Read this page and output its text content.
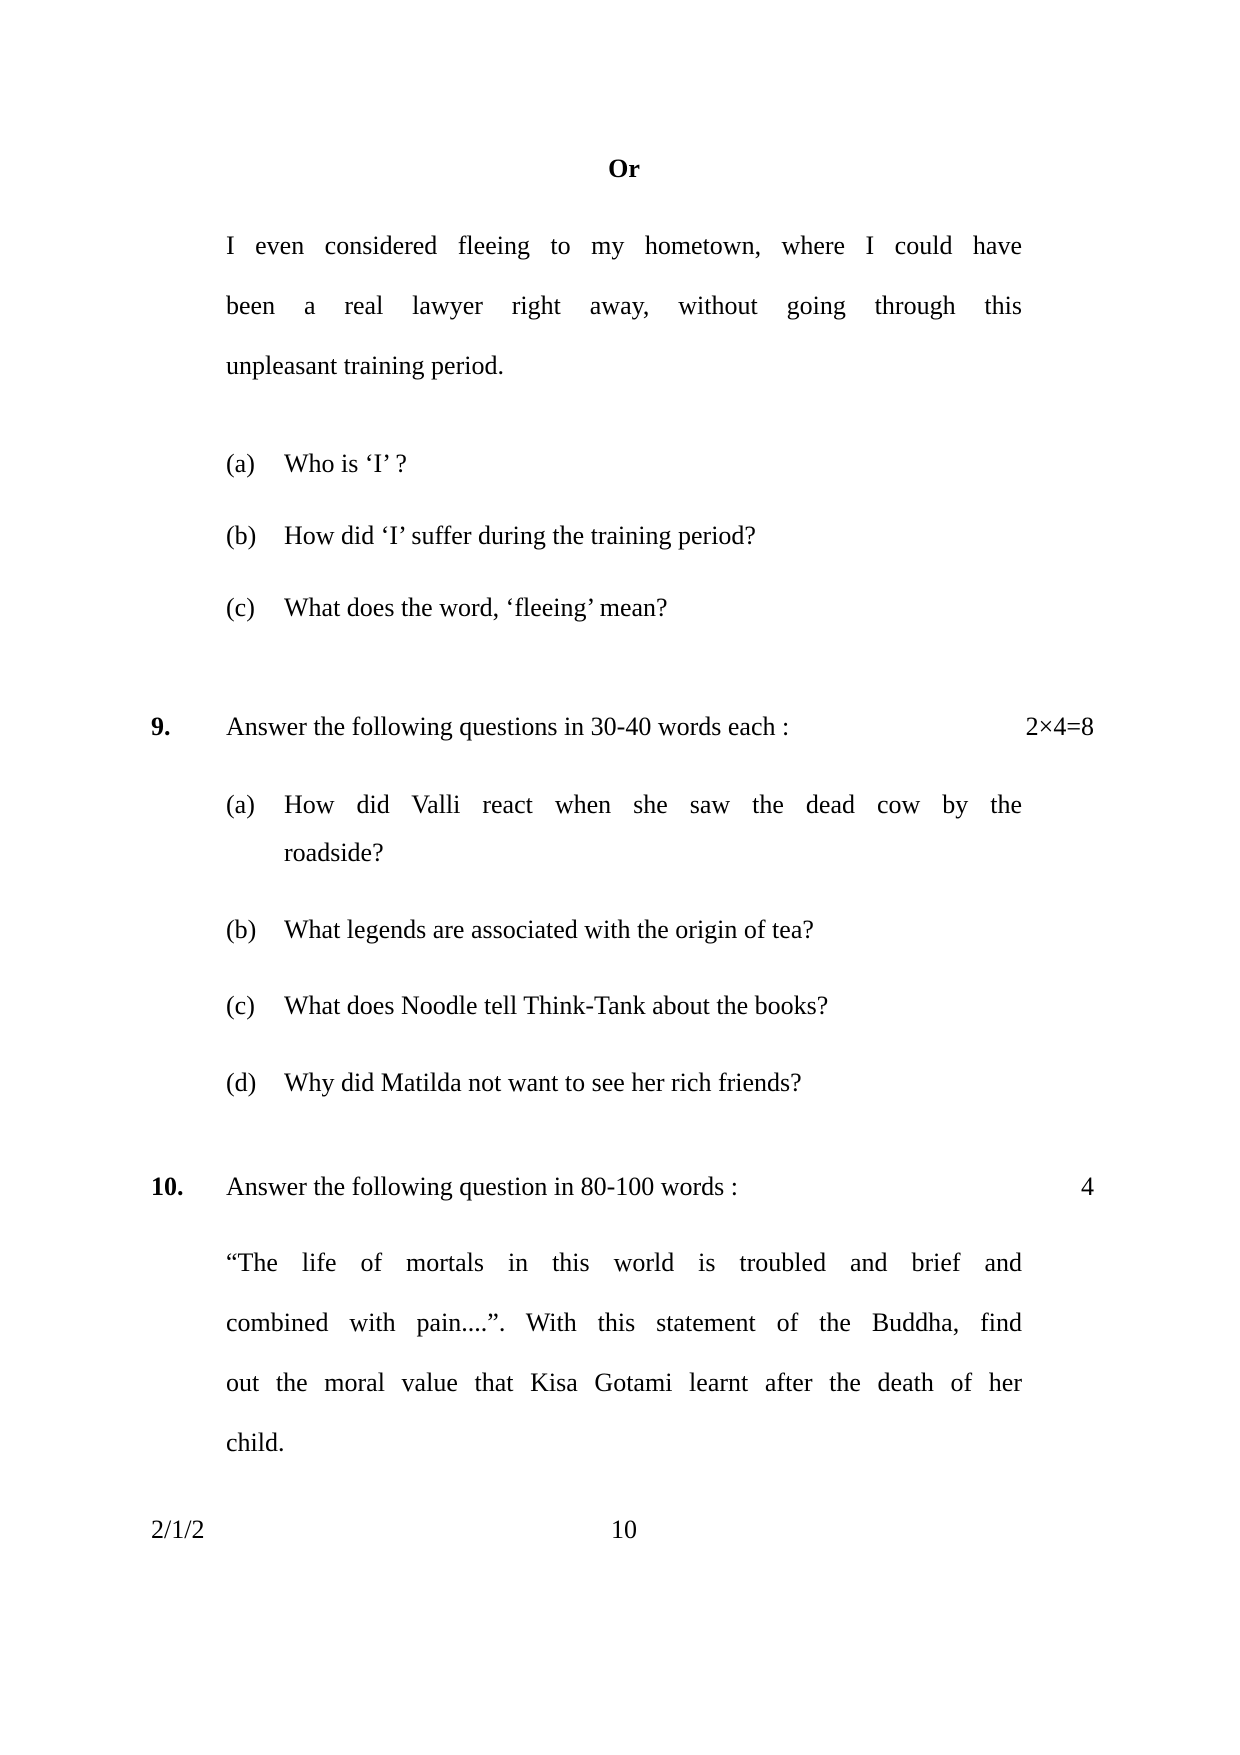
Or
I even considered fleeing to my hometown, where I could have
been a real lawyer right away, without going through this
unpleasant training period.
(a) Who is ‘I’ ?
(b) How did ‘I’ suffer during the training period?
(c) What does the word, ‘fleeing’ mean?
9. Answer the following questions in 30-40 words each :	2×4=8
(a) How did Valli react when she saw the dead cow by the
roadside?
(b) What legends are associated with the origin of tea?
(c) What does Noodle tell Think-Tank about the books?
(d) Why did Matilda not want to see her rich friends?
10. Answer the following question in 80-100 words :	4
“The life of mortals in this world is troubled and brief and
combined with pain....”. With this statement of the Buddha, find
out the moral value that Kisa Gotami learnt after the death of her
child.
2/1/2	10
